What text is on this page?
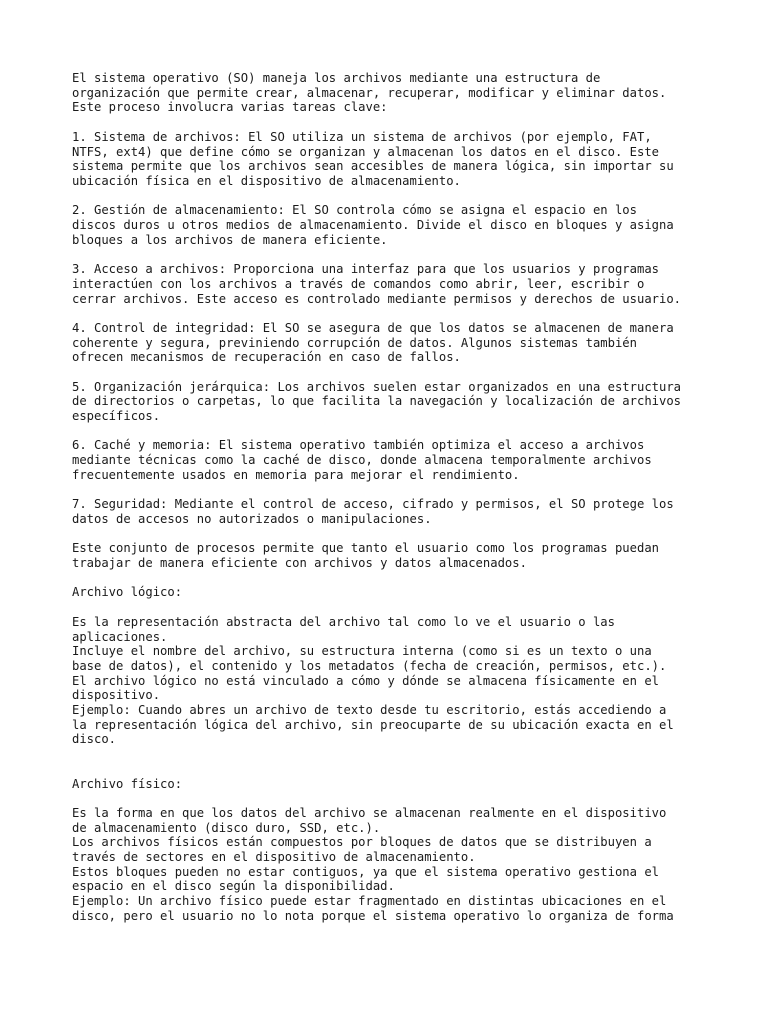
El sistema operativo (SO) maneja los archivos mediante una estructura de
organización que permite crear, almacenar, recuperar, modificar y eliminar datos.
Este proceso involucra varias tareas clave:

1. Sistema de archivos: El SO utiliza un sistema de archivos (por ejemplo, FAT,
NTFS, ext4) que define cómo se organizan y almacenan los datos en el disco. Este
sistema permite que los archivos sean accesibles de manera lógica, sin importar su
ubicación física en el dispositivo de almacenamiento.

2. Gestión de almacenamiento: El SO controla cómo se asigna el espacio en los
discos duros u otros medios de almacenamiento. Divide el disco en bloques y asigna
bloques a los archivos de manera eficiente.

3. Acceso a archivos: Proporciona una interfaz para que los usuarios y programas
interactúen con los archivos a través de comandos como abrir, leer, escribir o
cerrar archivos. Este acceso es controlado mediante permisos y derechos de usuario.

4. Control de integridad: El SO se asegura de que los datos se almacenen de manera
coherente y segura, previniendo corrupción de datos. Algunos sistemas también
ofrecen mecanismos de recuperación en caso de fallos.

5. Organización jerárquica: Los archivos suelen estar organizados en una estructura
de directorios o carpetas, lo que facilita la navegación y localización de archivos
específicos.

6. Caché y memoria: El sistema operativo también optimiza el acceso a archivos
mediante técnicas como la caché de disco, donde almacena temporalmente archivos
frecuentemente usados en memoria para mejorar el rendimiento.

7. Seguridad: Mediante el control de acceso, cifrado y permisos, el SO protege los
datos de accesos no autorizados o manipulaciones.

Este conjunto de procesos permite que tanto el usuario como los programas puedan
trabajar de manera eficiente con archivos y datos almacenados.

Archivo lógico:

Es la representación abstracta del archivo tal como lo ve el usuario o las
aplicaciones.

Incluye el nombre del archivo, su estructura interna (como si es un texto o una
base de datos), el contenido y los metadatos (fecha de creación, permisos, etc.).

El archivo lógico no está vinculado a cómo y dónde se almacena físicamente en el
dispositivo.

Ejemplo: Cuando abres un archivo de texto desde tu escritorio, estás accediendo a
la representación lógica del archivo, sin preocuparte de su ubicación exacta en el
disco.

Archivo físico:

Es la forma en que los datos del archivo se almacenan realmente en el dispositivo
de almacenamiento (disco duro, SSD, etc.).

Los archivos físicos están compuestos por bloques de datos que se distribuyen a
través de sectores en el dispositivo de almacenamiento.

Estos bloques pueden no estar contiguos, ya que el sistema operativo gestiona el
espacio en el disco según la disponibilidad.

Ejemplo: Un archivo físico puede estar fragmentado en distintas ubicaciones en el
disco, pero el usuario no lo nota porque el sistema operativo lo organiza de forma
